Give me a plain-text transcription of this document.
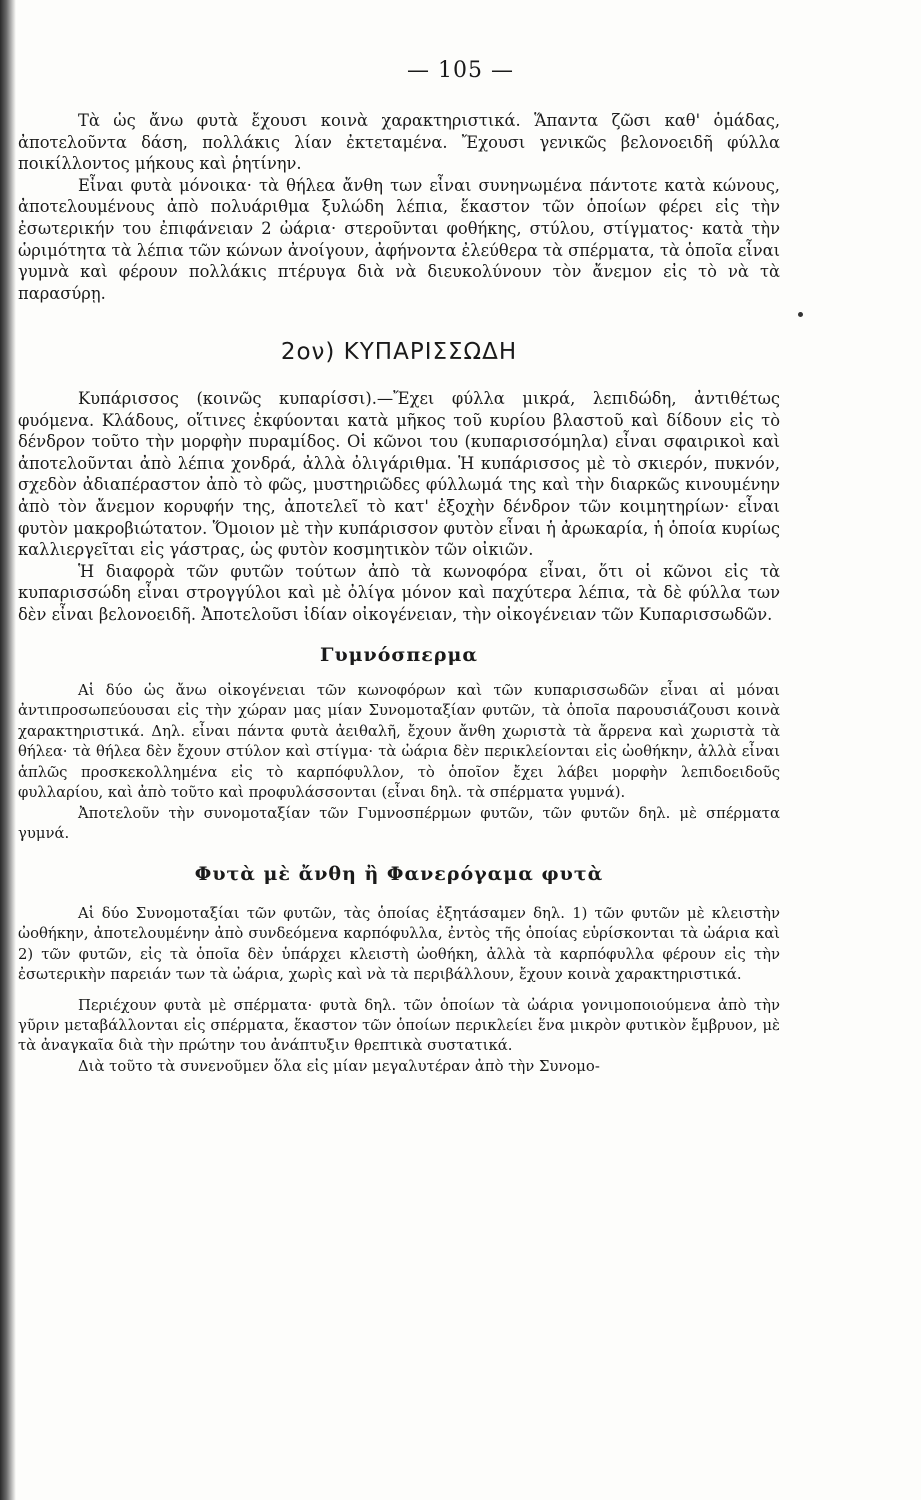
— 105 —

Τὰ ὡς ἄνω φυτὰ ἔχουσι κοινὰ χαρακτηριστικά. Ἅπαντα ζῶσι καθ' ὁμάδας, ἀποτελοῦντα δάση, πολλάκις λίαν ἐκτεταμένα. Ἔχουσι γενικῶς βελονοειδῆ φύλλα ποικίλλοντος μήκους καὶ ῥητίνην.

Εἶναι φυτὰ μόνοικα· τὰ θήλεα ἄνθη των εἶναι συνηνωμένα πάντοτε κατὰ κώνους, ἀποτελουμένους ἀπὸ πολυάριθμα ξυλώδη λέπια, ἕκαστον τῶν ὁποίων φέρει εἰς τὴν ἐσωτερικήν του ἐπιφάνειαν 2 ὠάρια· στεροῦνται φοθήκης, στύλου, στίγματος· κατὰ τὴν ὡριμότητα τὰ λέπια τῶν κώνων ἀνοίγουν, ἀφήνοντα ἐλεύθερα τὰ σπέρματα, τὰ ὁποῖα εἶναι γυμνὰ καὶ φέρουν πολλάκις πτέρυγα διὰ νὰ διευκολύνουν τὸν ἄνεμον εἰς τὸ νὰ τὰ παρασύρῃ.

2ον) ΚΥΠΑΡΙΣΣΩΔΗ

Κυπάρισσος (κοινῶς κυπαρίσσι).—Ἔχει φύλλα μικρά, λεπιδώδη, ἀντιθέτως φυόμενα. Κλάδους, οἵτινες ἐκφύονται κατὰ μῆκος τοῦ κυρίου βλαστοῦ καὶ δίδουν εἰς τὸ δένδρον τοῦτο τὴν μορφὴν πυραμίδος. Οἱ κῶνοι του (κυπαρισσόμηλα) εἶναι σφαιρικοὶ καὶ ἀποτελοῦνται ἀπὸ λέπια χονδρά, ἀλλὰ ὀλιγάριθμα. Ἡ κυπάρισσος μὲ τὸ σκιερόν, πυκνόν, σχεδὸν ἀδιαπέραστον ἀπὸ τὸ φῶς, μυστηριῶδες φύλλωμά της καὶ τὴν διαρκῶς κινουμένην ἀπὸ τὸν ἄνεμον κορυφήν της, ἀποτελεῖ τὸ κατ' ἐξοχὴν δένδρον τῶν κοιμητηρίων· εἶναι φυτὸν μακροβιώτατον. Ὅμοιον μὲ τὴν κυπάρισσον φυτὸν εἶναι ἡ ἀρωκαρία, ἡ ὁποία κυρίως καλλιεργεῖται εἰς γάστρας, ὡς φυτὸν κοσμητικὸν τῶν οἰκιῶν.

Ἡ διαφορὰ τῶν φυτῶν τούτων ἀπὸ τὰ κωνοφόρα εἶναι, ὅτι οἱ κῶνοι εἰς τὰ κυπαρισσώδη εἶναι στρογγύλοι καὶ μὲ ὀλίγα μόνον καὶ παχύτερα λέπια, τὰ δὲ φύλλα των δὲν εἶναι βελονοειδῆ. Ἀποτελοῦσι ἰδίαν οἰκογένειαν, τὴν οἰκογένειαν τῶν Κυπαρισσωδῶν.

Γυμνόσπερμα

Αἱ δύο ὡς ἄνω οἰκογένειαι τῶν κωνοφόρων καὶ τῶν κυπαρισσωδῶν εἶναι αἱ μόναι ἀντιπροσωπεύουσαι εἰς τὴν χώραν μας μίαν Συνομοταξίαν φυτῶν, τὰ ὁποῖα παρουσιάζουσι κοινὰ χαρακτηριστικά. Δηλ. εἶναι πάντα φυτὰ ἀειθαλῆ, ἔχουν ἄνθη χωριστὰ τὰ ἄρρενα καὶ χωριστὰ τὰ θήλεα· τὰ θήλεα δὲν ἔχουν στύλον καὶ στίγμα· τὰ ὠάρια δὲν περικλείονται εἰς ὠοθήκην, ἀλλὰ εἶναι ἁπλῶς προσκεκολλημένα εἰς τὸ καρπόφυλλον, τὸ ὁποῖον ἔχει λάβει μορφὴν λεπιδοειδοῦς φυλλαρίου, καὶ ἀπὸ τοῦτο καὶ προφυλάσσονται (εἶναι δηλ. τὰ σπέρματα γυμνά).

Ἀποτελοῦν τὴν συνομοταξίαν τῶν Γυμνοσπέρμων φυτῶν, τῶν φυτῶν δηλ. μὲ σπέρματα γυμνά.

Φυτὰ μὲ ἄνθη ἢ Φανερόγαμα φυτὰ

Αἱ δύο Συνομοταξίαι τῶν φυτῶν, τὰς ὁποίας ἐξητάσαμεν δηλ. 1) τῶν φυτῶν μὲ κλειστὴν ὠοθήκην, ἀποτελουμένην ἀπὸ συνδεόμενα καρπόφυλλα, ἐντὸς τῆς ὁποίας εὑρίσκονται τὰ ὠάρια καὶ 2) τῶν φυτῶν, εἰς τὰ ὁποῖα δὲν ὑπάρχει κλειστὴ ὠοθήκη, ἀλλὰ τὰ καρπόφυλλα φέρουν εἰς τὴν ἐσωτερικὴν παρειάν των τὰ ὠάρια, χωρὶς καὶ νὰ τὰ περιβάλλουν, ἔχουν κοινὰ χαρακτηριστικά.

Περιέχουν φυτὰ μὲ σπέρματα· φυτὰ δηλ. τῶν ὁποίων τὰ ὠάρια γονιμοποιούμενα ἀπὸ τὴν γῦριν μεταβάλλονται εἰς σπέρματα, ἕκαστον τῶν ὁποίων περικλείει ἕνα μικρὸν φυτικὸν ἔμβρυον, μὲ τὰ ἀναγκαῖα διὰ τὴν πρώτην του ἀνάπτυξιν θρεπτικὰ συστατικά.

Διὰ τοῦτο τὰ συνενοῦμεν ὅλα εἰς μίαν μεγαλυτέραν ἀπὸ τὴν Συνομο-
